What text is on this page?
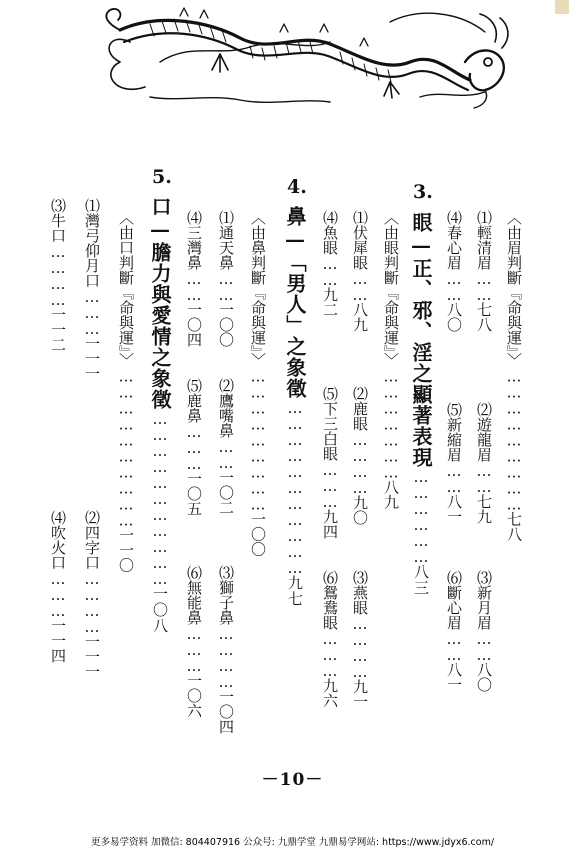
〈由眉判斷『命與運』〉………………………七八
⑴輕清眉……七八
⑵遊龍眉……七九
⑶新月眉……八〇
⑷春心眉……八〇
⑸新縮眉……八一
⑹斷心眉……八一
3.
眼—正、邪、淫之顯著表現………………八三
〈由眼判斷『命與運』〉…………………八九
⑴伏犀眼……八九
⑵鹿眼…………九〇
⑶燕眼…………九一
⑷魚眼……九二
⑸下三白眼………九四
⑹鴛鴦眼………九六
4.
鼻—「男人」之象徵……………………………九七
〈由鼻判斷『命與運』〉………………………一〇〇
⑴通天鼻……一〇〇
⑵鷹嘴鼻……一〇二
⑶獅子鼻…………一〇四
⑷三灣鼻……一〇四
⑸鹿鼻………一〇五
⑹無能鼻………一〇六
5.
口—膽力與愛情之象徵……………………………一〇八
〈由口判斷『命與運』〉…………………………一一〇
⑴灣弓仰月口………一一一
⑵四字口…………一一一
⑶牛口…………一一二
⑷吹火口………一一四
－10－
更多易学资料 加微信: 804407916 公众号: 九鼎学堂 九鼎易学网站: https://www.jdyx6.com/
